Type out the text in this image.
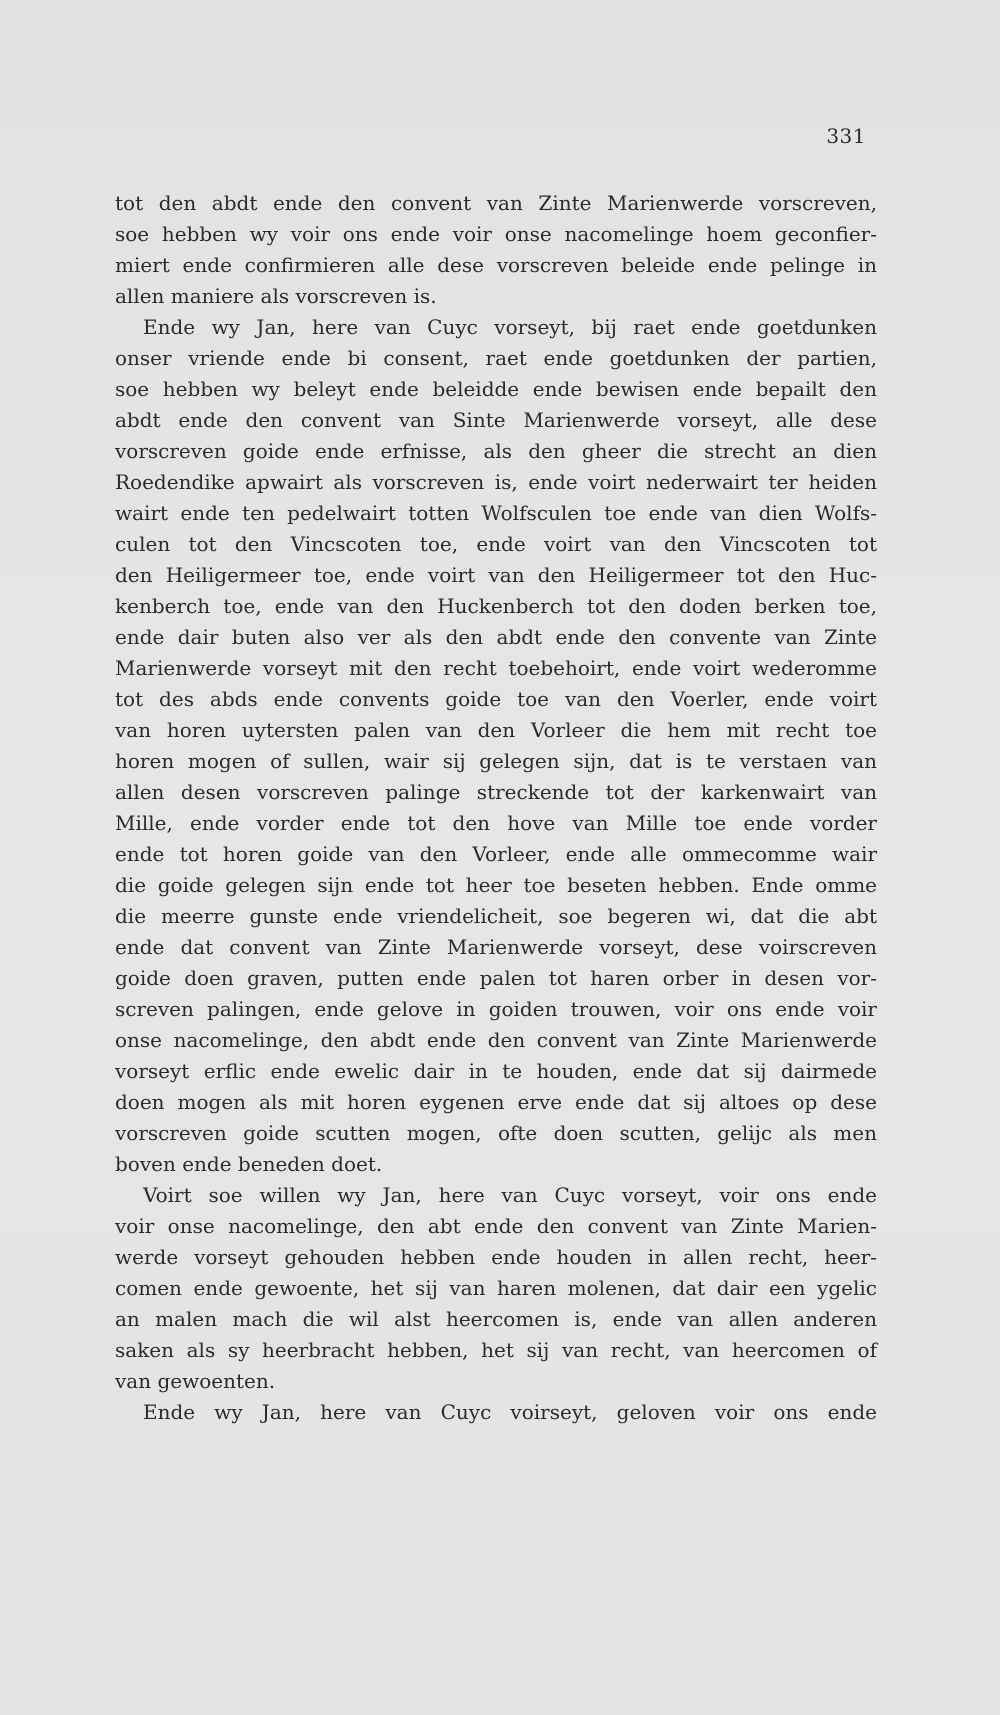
331
tot den abdt ende den convent van Zinte Marienwerde vorscreven,
soe hebben wy voir ons ende voir onse nacomelinge hoem geconfier-
miert ende confirmieren alle dese vorscreven beleide ende pelinge in
allen maniere als vorscreven is.
Ende wy Jan, here van Cuyc vorseyt, bij raet ende goetdunken
onser vriende ende bi consent, raet ende goetdunken der partien,
soe hebben wy beleyt ende beleidde ende bewisen ende bepailt den
abdt ende den convent van Sinte Marienwerde vorseyt, alle dese
vorscreven goide ende erfnisse, als den gheer die strecht an dien
Roedendike apwairt als vorscreven is, ende voirt nederwairt ter heiden
wairt ende ten pedelwairt totten Wolfsculen toe ende van dien Wolfs-
culen tot den Vincscoten toe, ende voirt van den Vincscoten tot
den Heiligermeer toe, ende voirt van den Heiligermeer tot den Huc-
kenberch toe, ende van den Huckenberch tot den doden berken toe,
ende dair buten also ver als den abdt ende den convente van Zinte
Marienwerde vorseyt mit den recht toebehoirt, ende voirt wederomme
tot des abds ende convents goide toe van den Voerler, ende voirt
van horen uytersten palen van den Vorleer die hem mit recht toe
horen mogen of sullen, wair sij gelegen sijn, dat is te verstaen van
allen desen vorscreven palinge streckende tot der karkenwairt van
Mille, ende vorder ende tot den hove van Mille toe ende vorder
ende tot horen goide van den Vorleer, ende alle ommecomme wair
die goide gelegen sijn ende tot heer toe beseten hebben. Ende omme
die meerre gunste ende vriendelicheit, soe begeren wi, dat die abt
ende dat convent van Zinte Marienwerde vorseyt, dese voirscreven
goide doen graven, putten ende palen tot haren orber in desen vor-
screven palingen, ende gelove in goiden trouwen, voir ons ende voir
onse nacomelinge, den abdt ende den convent van Zinte Marienwerde
vorseyt erflic ende ewelic dair in te houden, ende dat sij dairmede
doen mogen als mit horen eygenen erve ende dat sij altoes op dese
vorscreven goide scutten mogen, ofte doen scutten, gelijc als men
boven ende beneden doet.
Voirt soe willen wy Jan, here van Cuyc vorseyt, voir ons ende
voir onse nacomelinge, den abt ende den convent van Zinte Marien-
werde vorseyt gehouden hebben ende houden in allen recht, heer-
comen ende gewoente, het sij van haren molenen, dat dair een ygelic
an malen mach die wil alst heercomen is, ende van allen anderen
saken als sy heerbracht hebben, het sij van recht, van heercomen of
van gewoenten.
Ende wy Jan, here van Cuyc voirseyt, geloven voir ons ende
